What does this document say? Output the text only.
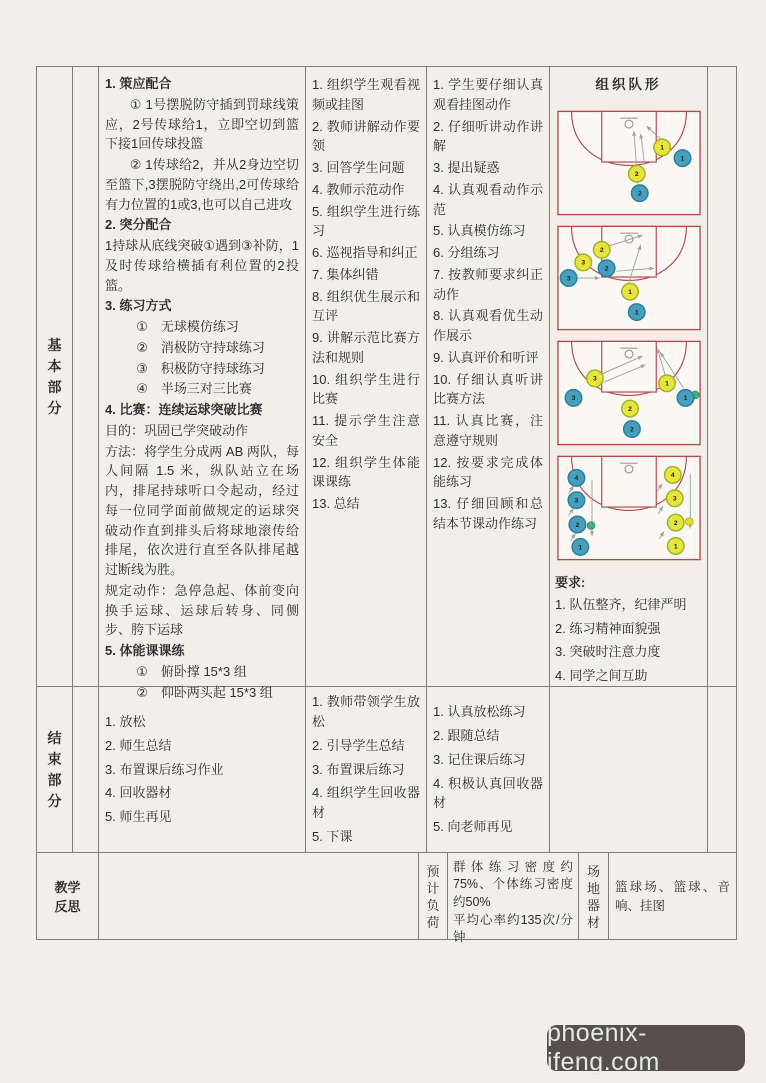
基本部分
1. 策应配合
① 1号摆脱防守插到罚球线策应，2号传球给1，立即空切到篮下接1回传球投篮
② 1传球给2，并从2身边空切至篮下,3摆脱防守绕出,2可传球给有力位置的1或3,也可以自己进攻
2. 突分配合
1持球从底线突破①遇到③补防，1及时传球给横插有利位置的2投篮。
3. 练习方式
①　无球模仿练习
②　消极防守持球练习
③　积极防守持球练习
④　半场三对三比赛
4. 比赛：连续运球突破比赛
目的：巩固已学突破动作
方法：将学生分成两 AB 两队，每人间隔 1.5 米，纵队站立在场内，排尾持球听口令起动，经过每一位同学面前做规定的运球突破动作直到排头后将球地滚传给排尾，依次进行直至各队排尾越过断线为胜。
规定动作：急停急起、体前变向换手运球、运球后转身、同侧步、胯下运球
5. 体能课课练
①　俯卧撑 15*3 组
②　仰卧两头起 15*3 组
1. 组织学生观看视频或挂图
2. 教师讲解动作要领
3. 回答学生问题
4. 教师示范动作
5. 组织学生进行练习
6. 巡视指导和纠正
7. 集体纠错
8. 组织优生展示和互评
9. 讲解示范比赛方法和规则
10. 组织学生进行比赛
11. 提示学生注意安全
12. 组织学生体能课课练
13. 总结
1. 学生要仔细认真观看挂图动作
2. 仔细听讲动作讲解
3. 提出疑惑
4. 认真观看动作示范
5. 认真模仿练习
6. 分组练习
7. 按教师要求纠正动作
8. 认真观看优生动作展示
9. 认真评价和听评
10. 仔细认真听讲比赛方法
11. 认真比赛，注意遵守规则
12. 按要求完成体能练习
13. 仔细回顾和总结本节课动作练习
组织队形
1
1
2
2
2
3
3
2
1
1
3
3
2
2
1
1
4
3
2
1
4
3
2
1
要求:
1. 队伍整齐，纪律严明
2. 练习精神面貌强
3. 突破时注意力度
4. 同学之间互助
结束部分
1. 放松
2. 师生总结
3. 布置课后练习作业
4. 回收器材
5. 师生再见
1. 教师带领学生放松
2. 引导学生总结
3. 布置课后练习
4. 组织学生回收器材
5. 下课
1. 认真放松练习
2. 跟随总结
3. 记住课后练习
4. 积极认真回收器材
5. 向老师再见
教学反思
预计负荷
群体练习密度约75%、个体练习密度约50%
平均心率约135次/分钟
场地器材
篮球场、篮球、音响、挂图
phoenix-ifeng.com
